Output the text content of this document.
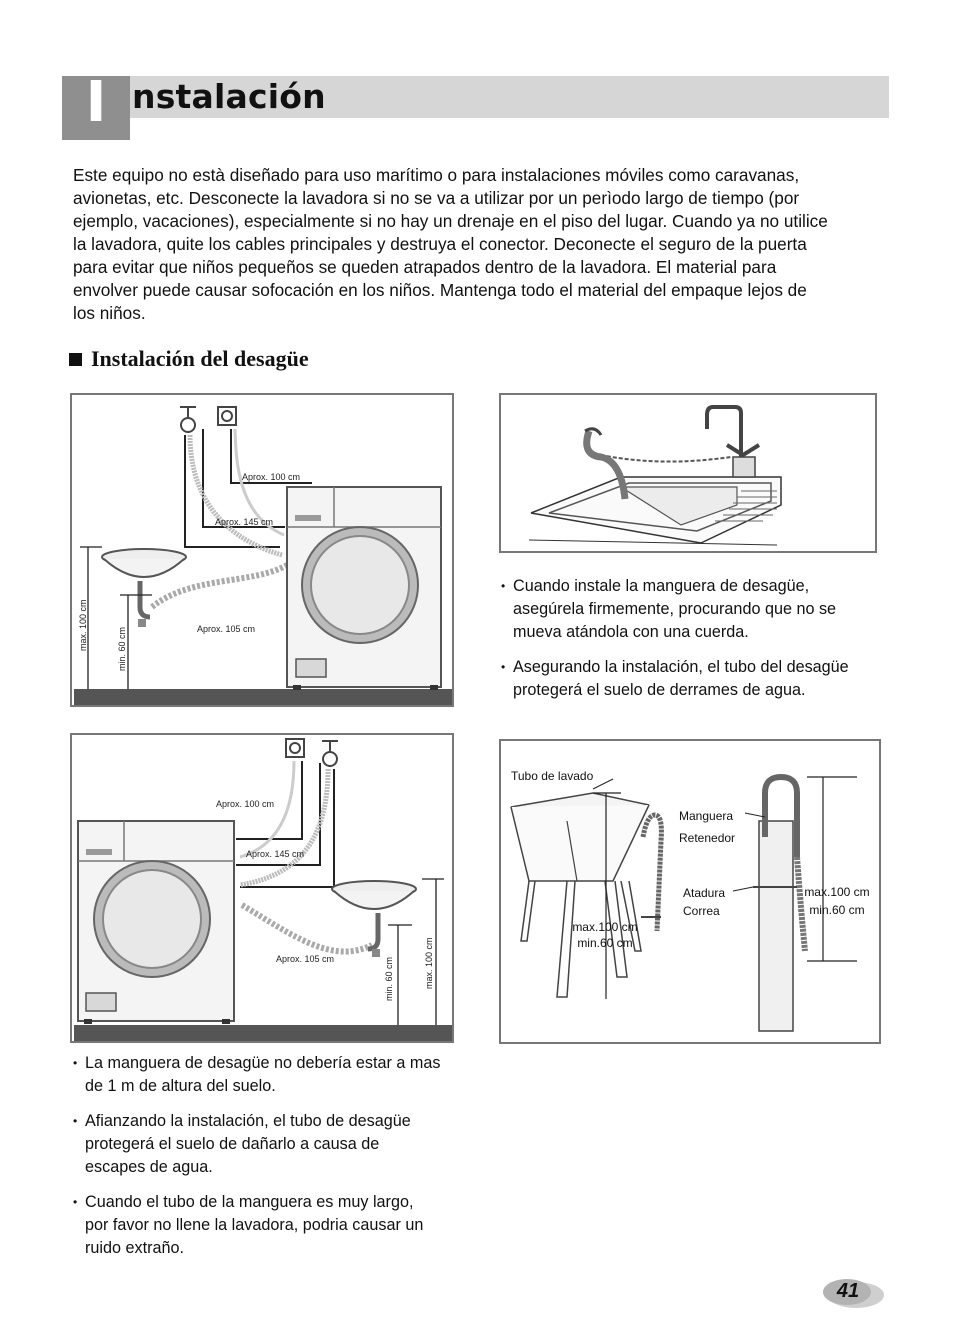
I nstalación
Este equipo no està diseñado para uso marítimo o para instalaciones móviles como caravanas, avionetas, etc. Desconecte la lavadora si no se va a utilizar por un perìodo largo de tiempo (por ejemplo, vacaciones), especialmente si no hay un drenaje en el piso del lugar. Cuando ya no utilice la lavadora, quite los cables principales y destruya el conector. Deconecte el seguro de la puerta para evitar que niños pequeños se queden atrapados dentro de la lavadora. El material para envolver puede causar sofocación en los niños. Mantenga todo el material del empaque lejos de los niños.
Instalación del desagüe
Aprox. 100 cm
Aprox. 145 cm
Aprox. 105 cm
max. 100 cm	min. 60 cm
• Cuando instale la manguera de desagüe, asegúrela firmemente, procurando que no se mueva atándola con una cuerda.
• Asegurando la instalación, el tubo del desagüe protegerá el suelo de derrames de agua.
Aprox. 100 cm
Aprox. 145 cm
Aprox. 105 cm	max. 100 cm
min. 60 cm
Tubo de lavado
Manguera
Retenedor
Atadura
Correa
max.100 cm
min.60 cm
max.100 cm
min.60 cm
• La manguera de desagüe no debería estar a mas de 1 m de altura del suelo.
• Afianzando la instalación, el tubo de desagüe protegerá el suelo de dañarlo a causa de escapes de agua.
• Cuando el tubo de la manguera es muy largo, por favor no llene la lavadora, podria causar un ruido extraño.
41
